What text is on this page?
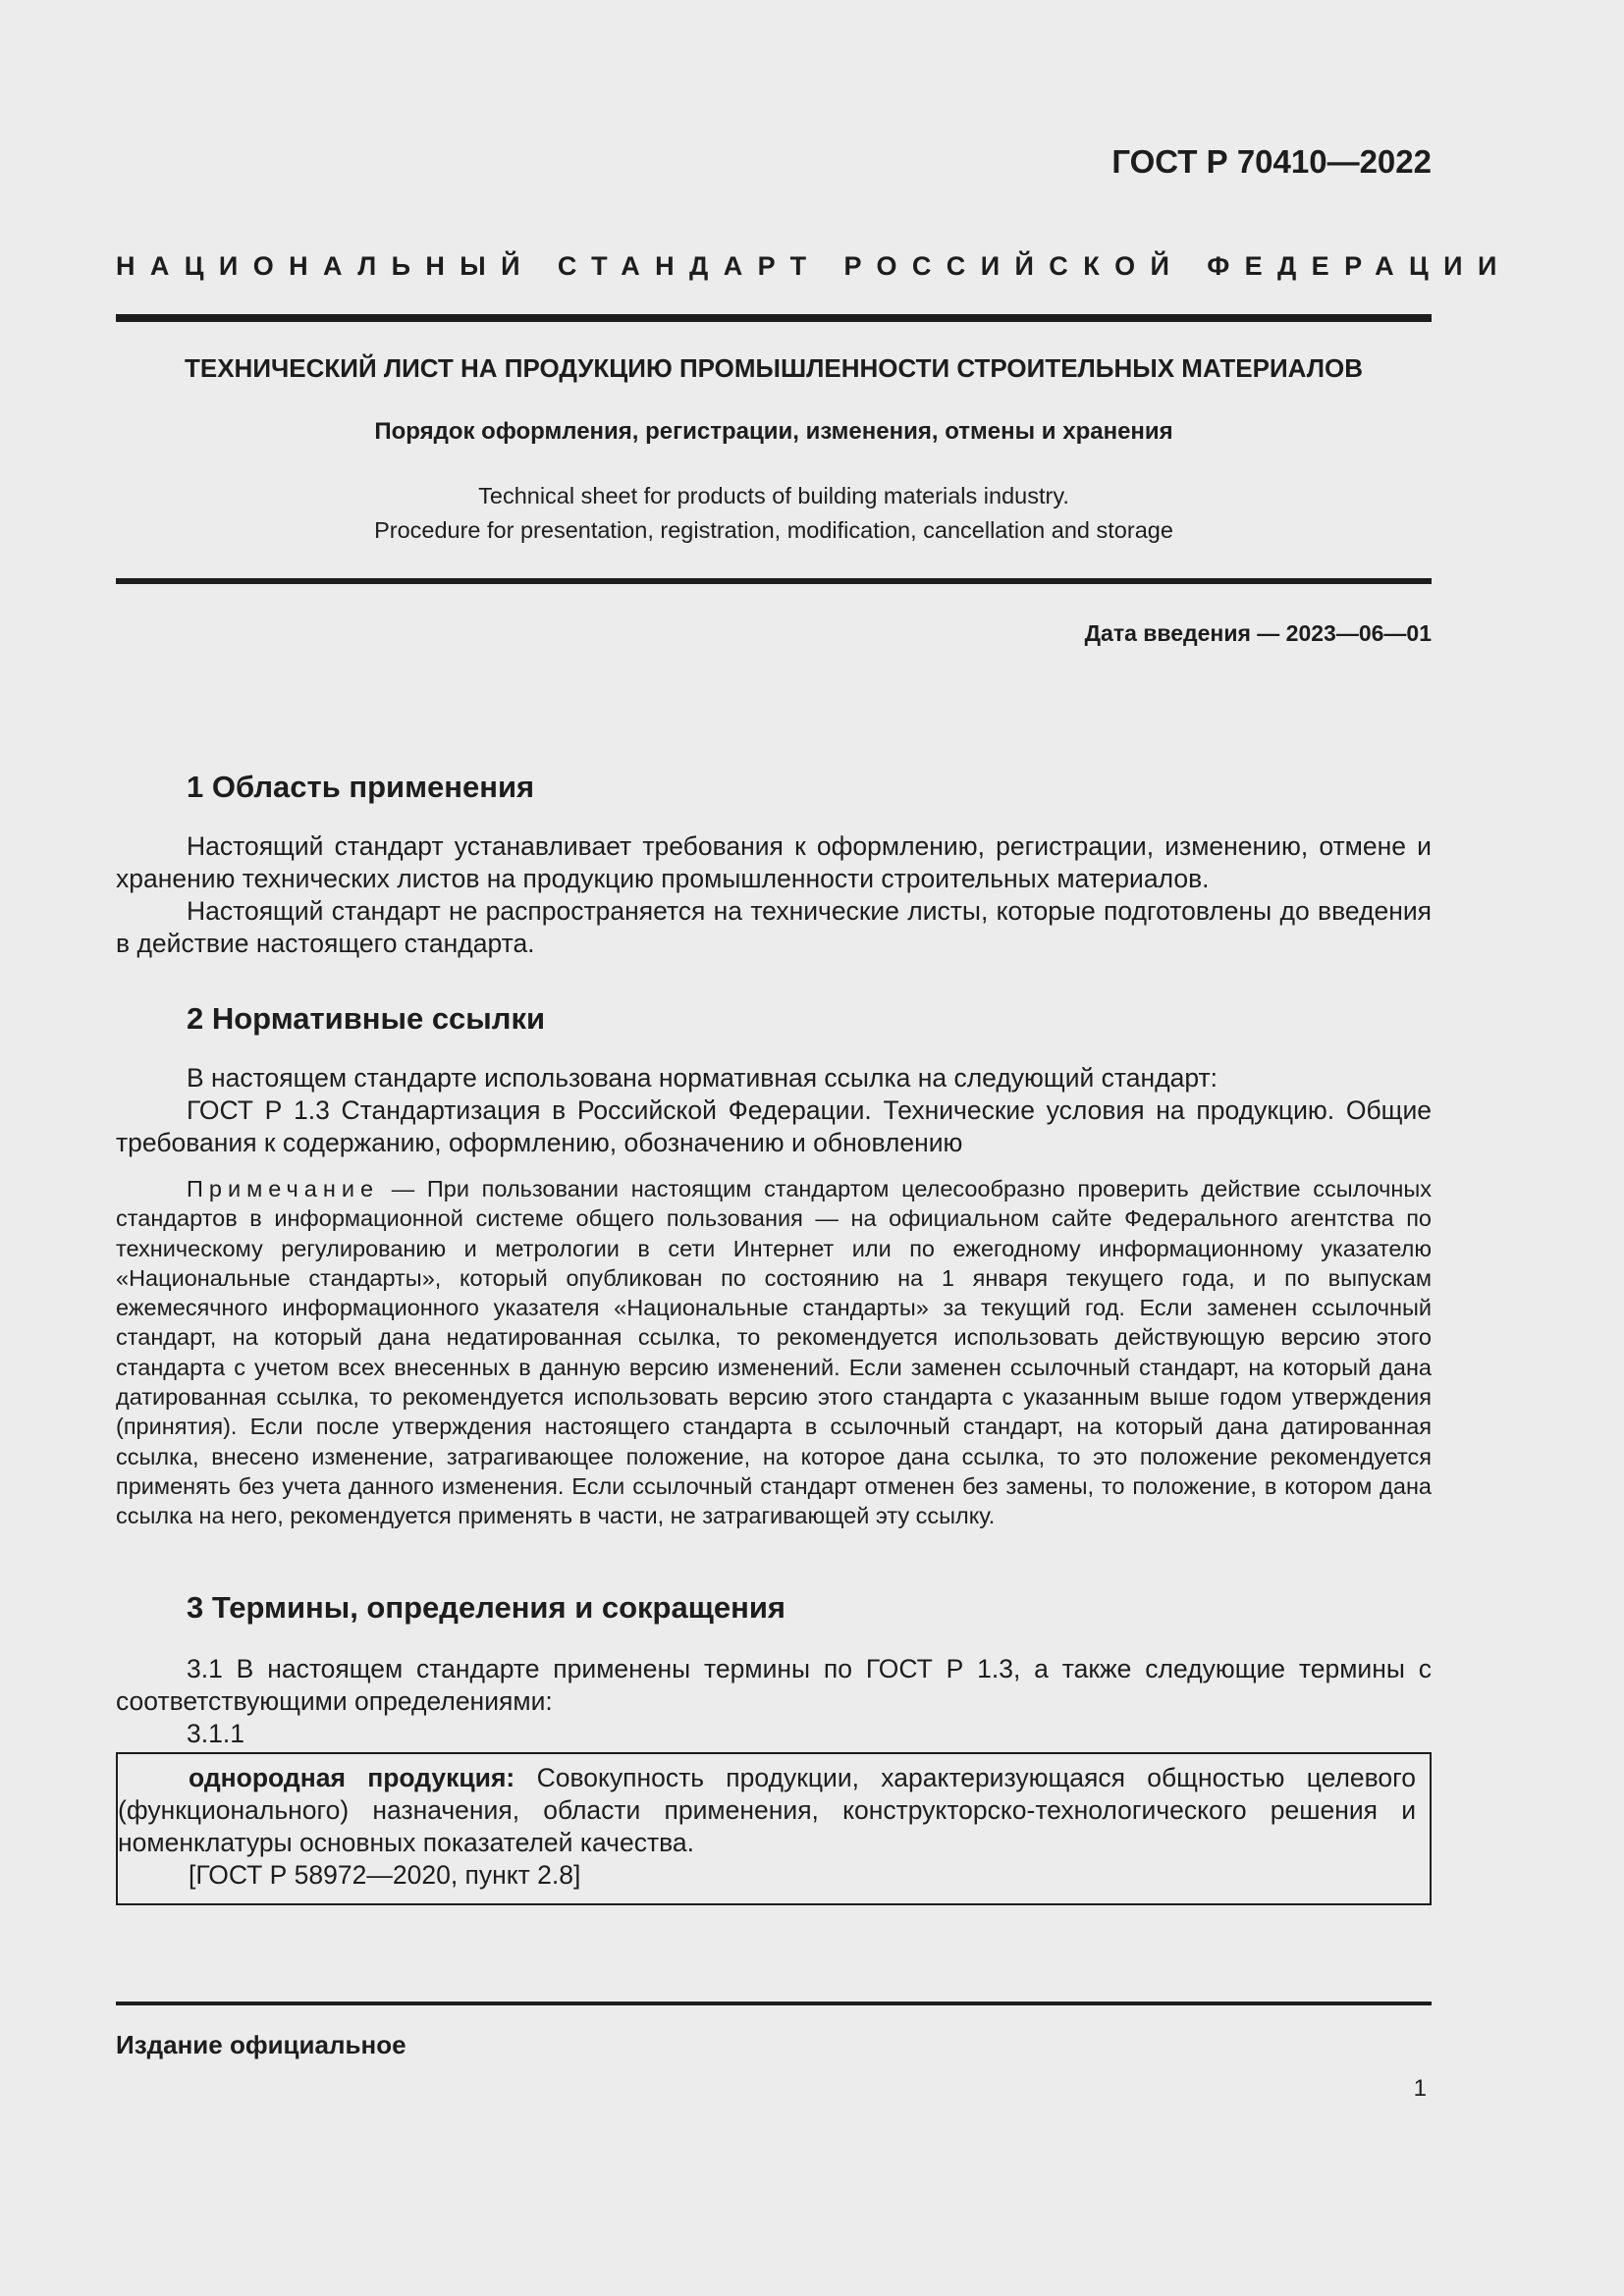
ГОСТ Р 70410—2022
НАЦИОНАЛЬНЫЙ СТАНДАРТ РОССИЙСКОЙ ФЕДЕРАЦИИ
ТЕХНИЧЕСКИЙ ЛИСТ НА ПРОДУКЦИЮ ПРОМЫШЛЕННОСТИ СТРОИТЕЛЬНЫХ МАТЕРИАЛОВ
Порядок оформления, регистрации, изменения, отмены и хранения
Technical sheet for products of building materials industry.
Procedure for presentation, registration, modification, cancellation and storage
Дата введения — 2023—06—01
1 Область применения

Настоящий стандарт устанавливает требования к оформлению, регистрации, изменению, отмене и хранению технических листов на продукцию промышленности строительных материалов.

Настоящий стандарт не распространяется на технические листы, которые подготовлены до введения в действие настоящего стандарта.

2 Нормативные ссылки

В настоящем стандарте использована нормативная ссылка на следующий стандарт:

ГОСТ Р 1.3 Стандартизация в Российской Федерации. Технические условия на продукцию. Общие требования к содержанию, оформлению, обозначению и обновлению

Примечание — При пользовании настоящим стандартом целесообразно проверить действие ссылочных стандартов в информационной системе общего пользования — на официальном сайте Федерального агентства по техническому регулированию и метрологии в сети Интернет или по ежегодному информационному указателю «Национальные стандарты», который опубликован по состоянию на 1 января текущего года, и по выпускам ежемесячного информационного указателя «Национальные стандарты» за текущий год. Если заменен ссылочный стандарт, на который дана недатированная ссылка, то рекомендуется использовать действующую версию этого стандарта с учетом всех внесенных в данную версию изменений. Если заменен ссылочный стандарт, на который дана датированная ссылка, то рекомендуется использовать версию этого стандарта с указанным выше годом утверждения (принятия). Если после утверждения настоящего стандарта в ссылочный стандарт, на который дана датированная ссылка, внесено изменение, затрагивающее положение, на которое дана ссылка, то это положение рекомендуется применять без учета данного изменения. Если ссылочный стандарт отменен без замены, то положение, в котором дана ссылка на него, рекомендуется применять в части, не затрагивающей эту ссылку.

3 Термины, определения и сокращения

3.1 В настоящем стандарте применены термины по ГОСТ Р 1.3, а также следующие термины с соответствующими определениями:

3.1.1

однородная продукция: Совокупность продукции, характеризующаяся общностью целевого (функционального) назначения, области применения, конструкторско-технологического решения и номенклатуры основных показателей качества.

[ГОСТ Р 58972—2020, пункт 2.8]

Издание официальное
1
